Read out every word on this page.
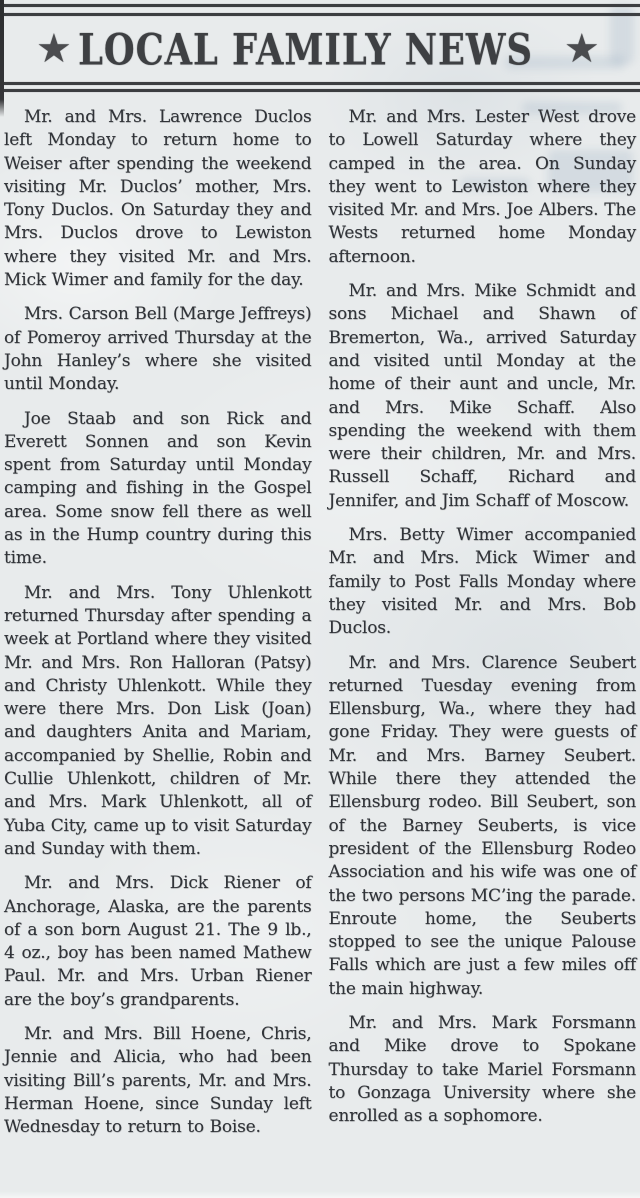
★ LOCAL FAMILY NEWS ★

Mr. and Mrs. Lawrence Duclos left Monday to return home to Weiser after spending the weekend visiting Mr. Duclos’ mother, Mrs. Tony Duclos. On Saturday they and Mrs. Duclos drove to Lewiston where they visited Mr. and Mrs. Mick Wimer and family for the day.

Mrs. Carson Bell (Marge Jeffreys) of Pomeroy arrived Thursday at the John Hanley’s where she visited until Monday.

Joe Staab and son Rick and Everett Sonnen and son Kevin spent from Saturday until Monday camping and fishing in the Gospel area. Some snow fell there as well as in the Hump country during this time.

Mr. and Mrs. Tony Uhlenkott returned Thursday after spending a week at Portland where they visited Mr. and Mrs. Ron Halloran (Patsy) and Christy Uhlenkott. While they were there Mrs. Don Lisk (Joan) and daughters Anita and Mariam, accompanied by Shellie, Robin and Cullie Uhlenkott, children of Mr. and Mrs. Mark Uhlenkott, all of Yuba City, came up to visit Saturday and Sunday with them.

Mr. and Mrs. Dick Riener of Anchorage, Alaska, are the parents of a son born August 21. The 9 lb., 4 oz., boy has been named Mathew Paul. Mr. and Mrs. Urban Riener are the boy’s grandparents.

Mr. and Mrs. Bill Hoene, Chris, Jennie and Alicia, who had been visiting Bill’s parents, Mr. and Mrs. Herman Hoene, since Sunday left Wednesday to return to Boise.

Mr. and Mrs. Lester West drove to Lowell Saturday where they camped in the area. On Sunday they went to Lewiston where they visited Mr. and Mrs. Joe Albers. The Wests returned home Monday afternoon.

Mr. and Mrs. Mike Schmidt and sons Michael and Shawn of Bremerton, Wa., arrived Saturday and visited until Monday at the home of their aunt and uncle, Mr. and Mrs. Mike Schaff. Also spending the weekend with them were their children, Mr. and Mrs. Russell Schaff, Richard and Jennifer, and Jim Schaff of Moscow.

Mrs. Betty Wimer accompanied Mr. and Mrs. Mick Wimer and family to Post Falls Monday where they visited Mr. and Mrs. Bob Duclos.

Mr. and Mrs. Clarence Seubert returned Tuesday evening from Ellensburg, Wa., where they had gone Friday. They were guests of Mr. and Mrs. Barney Seubert. While there they attended the Ellensburg rodeo. Bill Seubert, son of the Barney Seuberts, is vice president of the Ellensburg Rodeo Association and his wife was one of the two persons MC’ing the parade. Enroute home, the Seuberts stopped to see the unique Palouse Falls which are just a few miles off the main highway.

Mr. and Mrs. Mark Forsmann and Mike drove to Spokane Thursday to take Mariel Forsmann to Gonzaga University where she enrolled as a sophomore.
